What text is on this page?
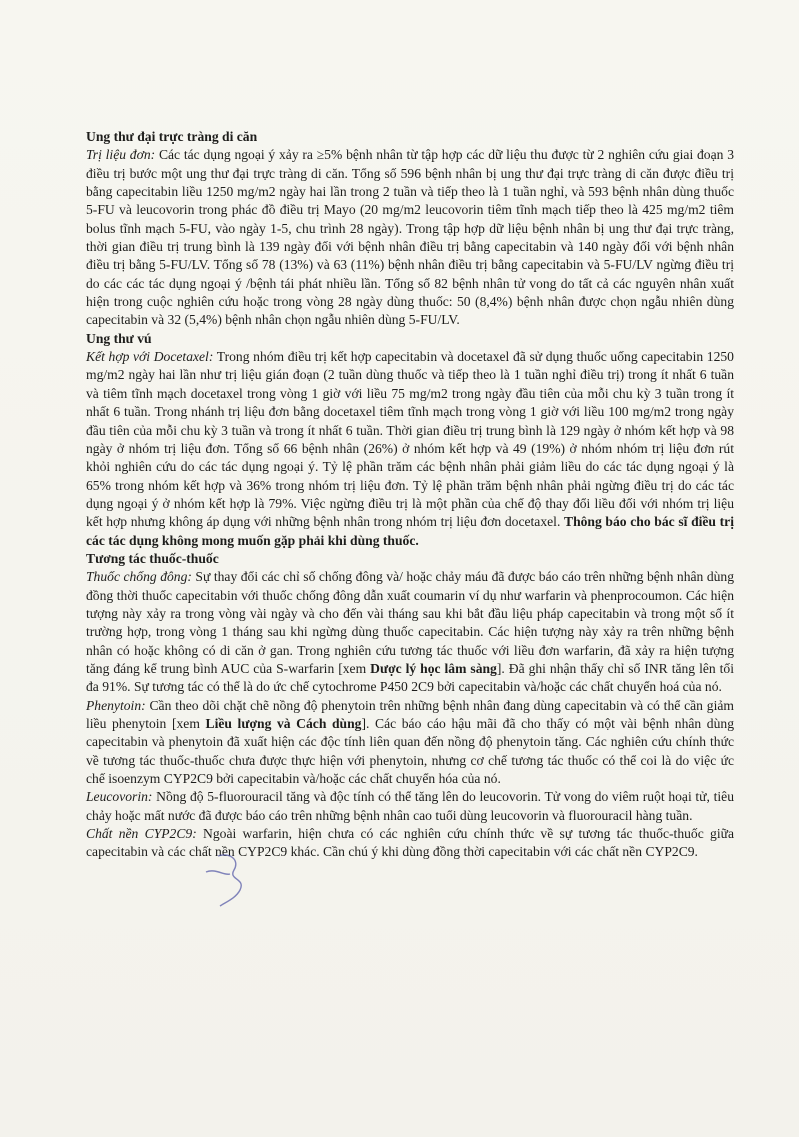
Ung thư đại trực tràng di căn

Trị liệu đơn: Các tác dụng ngoại ý xảy ra ≥5% bệnh nhân từ tập hợp các dữ liệu thu được từ 2 nghiên cứu giai đoạn 3 điều trị bước một ung thư đại trực tràng di căn. Tổng số 596 bệnh nhân bị ung thư đại trực tràng di căn được điều trị bằng capecitabin liều 1250 mg/m2 ngày hai lần trong 2 tuần và tiếp theo là 1 tuần nghỉ, và 593 bệnh nhân dùng thuốc 5-FU và leucovorin trong phác đồ điều trị Mayo (20 mg/m2 leucovorin tiêm tĩnh mạch tiếp theo là 425 mg/m2 tiêm bolus tĩnh mạch 5-FU, vào ngày 1-5, chu trình 28 ngày). Trong tập hợp dữ liệu bệnh nhân bị ung thư đại trực tràng, thời gian điều trị trung bình là 139 ngày đối với bệnh nhân điều trị bằng capecitabin và 140 ngày đối với bệnh nhân điều trị bằng 5-FU/LV. Tổng số 78 (13%) và 63 (11%) bệnh nhân điều trị bằng capecitabin và 5-FU/LV ngừng điều trị do các các tác dụng ngoại ý /bệnh tái phát nhiều lần. Tổng số 82 bệnh nhân tử vong do tất cả các nguyên nhân xuất hiện trong cuộc nghiên cứu hoặc trong vòng 28 ngày dùng thuốc: 50 (8,4%) bệnh nhân được chọn ngẫu nhiên dùng capecitabin và 32 (5,4%) bệnh nhân chọn ngẫu nhiên dùng 5-FU/LV.

Ung thư vú

Kết hợp với Docetaxel: Trong nhóm điều trị kết hợp capecitabin và docetaxel đã sử dụng thuốc uống capecitabin 1250 mg/m2 ngày hai lần như trị liệu gián đoạn (2 tuần dùng thuốc và tiếp theo là 1 tuần nghỉ điều trị) trong ít nhất 6 tuần và tiêm tĩnh mạch docetaxel trong vòng 1 giờ với liều 75 mg/m2 trong ngày đầu tiên của mỗi chu kỳ 3 tuần trong ít nhất 6 tuần. Trong nhánh trị liệu đơn bằng docetaxel tiêm tĩnh mạch trong vòng 1 giờ với liều 100 mg/m2 trong ngày đầu tiên của mỗi chu kỳ 3 tuần và trong ít nhất 6 tuần. Thời gian điều trị trung bình là 129 ngày ở nhóm kết hợp và 98 ngày ở nhóm trị liệu đơn. Tổng số 66 bệnh nhân (26%) ở nhóm kết hợp và 49 (19%) ở nhóm nhóm trị liệu đơn rút khỏi nghiên cứu do các tác dụng ngoại ý. Tỷ lệ phần trăm các bệnh nhân phải giảm liều do các tác dụng ngoại ý là 65% trong nhóm kết hợp và 36% trong nhóm trị liệu đơn. Tỷ lệ phần trăm bệnh nhân phải ngừng điều trị do các tác dụng ngoại ý ở nhóm kết hợp là 79%. Việc ngừng điều trị là một phần của chế độ thay đổi liều đối với nhóm trị liệu kết hợp nhưng không áp dụng với những bệnh nhân trong nhóm trị liệu đơn docetaxel. Thông báo cho bác sĩ điều trị các tác dụng không mong muốn gặp phải khi dùng thuốc.

Tương tác thuốc-thuốc

Thuốc chống đông: Sự thay đổi các chỉ số chống đông và/ hoặc chảy máu đã được báo cáo trên những bệnh nhân dùng đồng thời thuốc capecitabin với thuốc chống đông dẫn xuất coumarin ví dụ như warfarin và phenprocoumon. Các hiện tượng này xảy ra trong vòng vài ngày và cho đến vài tháng sau khi bắt đầu liệu pháp capecitabin và trong một số ít trường hợp, trong vòng 1 tháng sau khi ngừng dùng thuốc capecitabin. Các hiện tượng này xảy ra trên những bệnh nhân có hoặc không có di căn ở gan. Trong nghiên cứu tương tác thuốc với liều đơn warfarin, đã xảy ra hiện tượng tăng đáng kể trung bình AUC của S-warfarin [xem Dược lý học lâm sàng]. Đã ghi nhận thấy chỉ số INR tăng lên tối đa 91%. Sự tương tác có thể là do ức chế cytochrome P450 2C9 bởi capecitabin và/hoặc các chất chuyển hoá của nó.

Phenytoin: Cần theo dõi chặt chẽ nồng độ phenytoin trên những bệnh nhân đang dùng capecitabin và có thể cần giảm liều phenytoin [xem Liều lượng và Cách dùng]. Các báo cáo hậu mãi đã cho thấy có một vài bệnh nhân dùng capecitabin và phenytoin đã xuất hiện các độc tính liên quan đến nồng độ phenytoin tăng. Các nghiên cứu chính thức về tương tác thuốc-thuốc chưa được thực hiện với phenytoin, nhưng cơ chế tương tác thuốc có thể coi là do việc ức chế isoenzym CYP2C9 bởi capecitabin và/hoặc các chất chuyển hóa của nó.

Leucovorin: Nồng độ 5-fluorouracil tăng và độc tính có thể tăng lên do leucovorin. Tử vong do viêm ruột hoại tử, tiêu chảy hoặc mất nước đã được báo cáo trên những bệnh nhân cao tuổi dùng leucovorin và fluorouracil hàng tuần.

Chất nền CYP2C9: Ngoài warfarin, hiện chưa có các nghiên cứu chính thức về sự tương tác thuốc-thuốc giữa capecitabin và các chất nền CYP2C9 khác. Cần chú ý khi dùng đồng thời capecitabin với các chất nền CYP2C9.
